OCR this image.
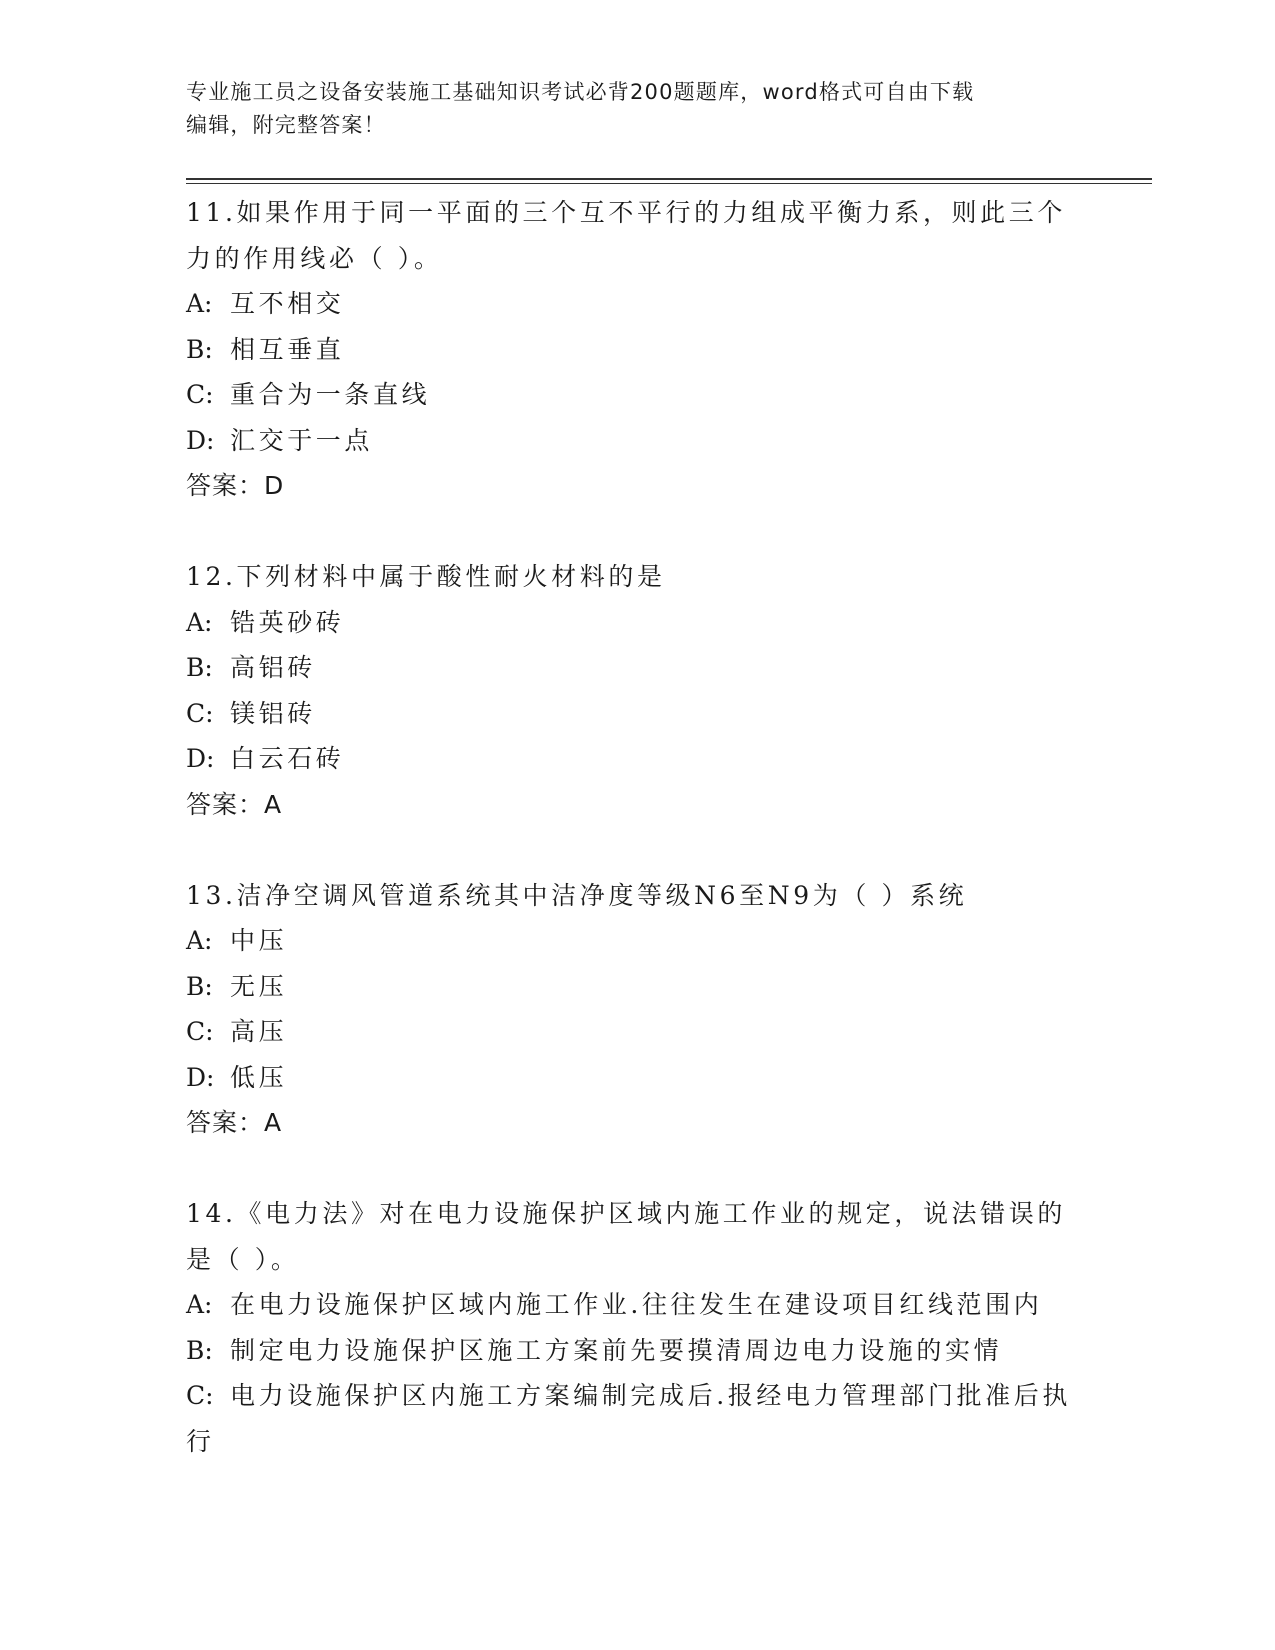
专业施工员之设备安装施工基础知识考试必背200题题库，word格式可自由下载
编辑，附完整答案！

11.如果作用于同一平面的三个互不平行的力组成平衡力系，则此三个力的作用线必（ ）。

A: 互不相交

B: 相互垂直

C: 重合为一条直线

D: 汇交于一点

答案：D

12.下列材料中属于酸性耐火材料的是

A: 锆英砂砖

B: 高铝砖

C: 镁铝砖

D: 白云石砖

答案：A

13.洁净空调风管道系统其中洁净度等级N6至N9为（ ）系统

A: 中压

B: 无压

C: 高压

D: 低压

答案：A

14.《电力法》对在电力设施保护区域内施工作业的规定，说法错误的是（ ）。

A: 在电力设施保护区域内施工作业.往往发生在建设项目红线范围内

B: 制定电力设施保护区施工方案前先要摸清周边电力设施的实情

C: 电力设施保护区内施工方案编制完成后.报经电力管理部门批准后执行
